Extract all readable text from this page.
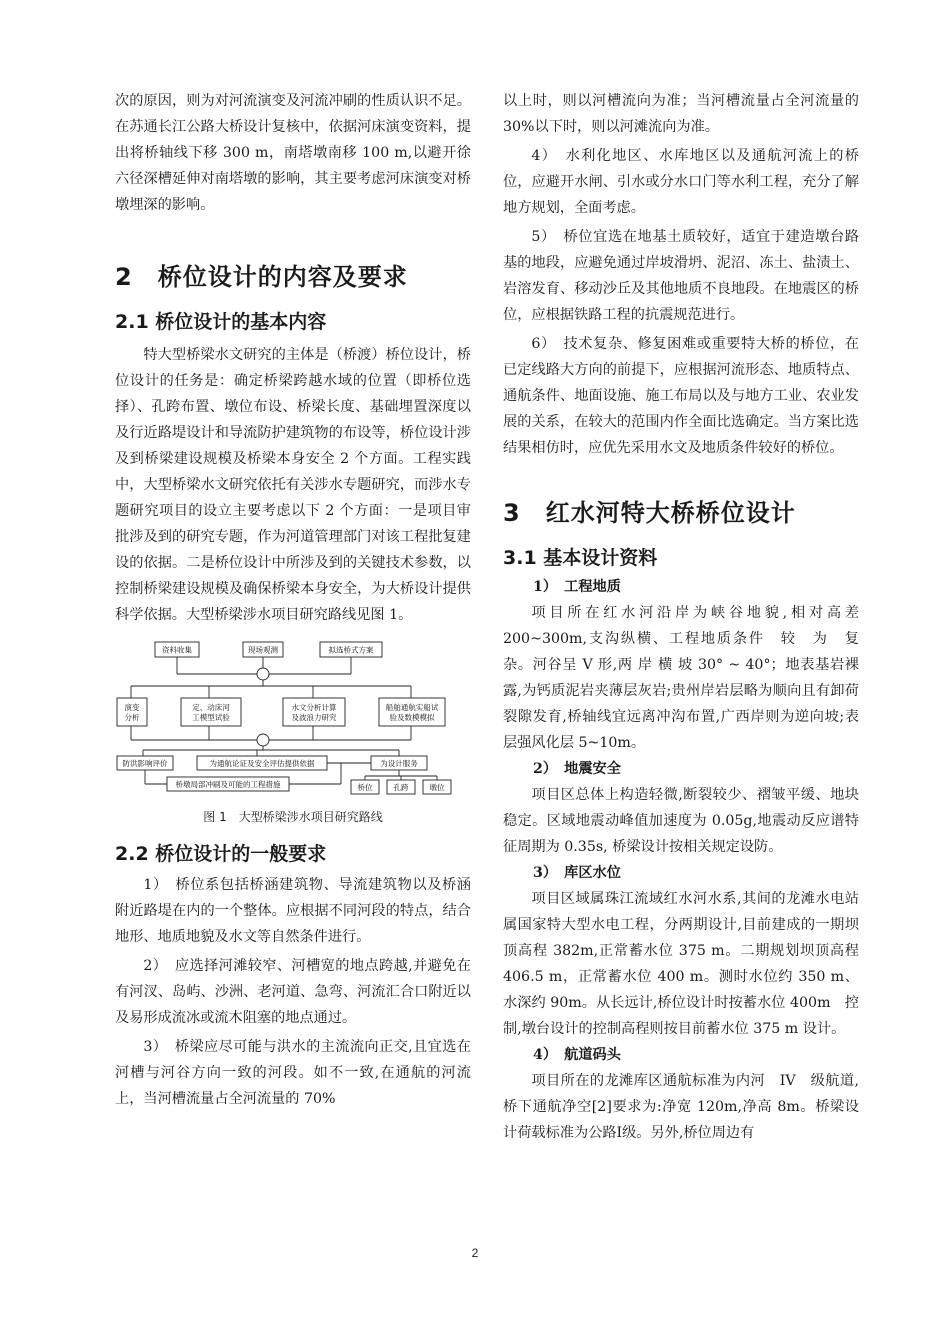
次的原因，则为对河流演变及河流冲刷的性质认识不足。在苏通长江公路大桥设计复核中，依据河床演变资料，提出将桥轴线下移 300 m，南塔墩南移 100 m,以避开徐六径深槽延伸对南塔墩的影响，其主要考虑河床演变对桥墩埋深的影响。

2　桥位设计的内容及要求
2.1 桥位设计的基本内容

特大型桥梁水文研究的主体是（桥渡）桥位设计，桥位设计的任务是：确定桥梁跨越水域的位置（即桥位选择）、孔跨布置、墩位布设、桥梁长度、基础埋置深度以及行近路堤设计和导流防护建筑物的布设等，桥位设计涉及到桥梁建设规模及桥梁本身安全 2 个方面。工程实践中，大型桥梁水文研究依托有关涉水专题研究，而涉水专题研究项目的设立主要考虑以下 2 个方面：一是项目审批涉及到的研究专题，作为河道管理部门对该工程批复建设的依据。二是桥位设计中所涉及到的关键技术参数，以控制桥梁建设规模及确保桥梁本身安全，为大桥设计提供科学依据。大型桥梁涉水项目研究路线见图 1。

资料收集	现场观测	拟选桥式方案
演变分析
定、动床河工模型试验
水文分析计算及波浪力研究
船舶通航实船试验及数模模拟
防洪影响评价	为通航论证及安全评估提供依据	为设计服务
桥墩局部冲刷及可能的工程措施	桥位	孔跨	墩位
图 1　大型桥梁涉水项目研究路线
2.2 桥位设计的一般要求

1）　桥位系包括桥涵建筑物、导流建筑物以及桥涵附近路堤在内的一个整体。应根据不同河段的特点，结合地形、地质地貌及水文等自然条件进行。

2）　应选择河滩较窄、河槽宽的地点跨越,并避免在有河汊、岛屿、沙洲、老河道、急弯、河流汇合口附近以及易形成流冰或流木阻塞的地点通过。

3）　桥梁应尽可能与洪水的主流流向正交,且宜选在河槽与河谷方向一致的河段。如不一致,在通航的河流上，当河槽流量占全河流量的 70%

以上时，则以河槽流向为准；当河槽流量占全河流量的 30%以下时，则以河滩流向为准。

4）　水利化地区、水库地区以及通航河流上的桥位，应避开水闸、引水或分水口门等水利工程，充分了解地方规划，全面考虑。

5）　桥位宜选在地基土质较好，适宜于建造墩台路基的地段，应避免通过岸坡滑坍、泥沼、冻土、盐渍土、岩溶发育、移动沙丘及其他地质不良地段。在地震区的桥位，应根据铁路工程的抗震规范进行。

6）　技术复杂、修复困难或重要特大桥的桥位，在已定线路大方向的前提下，应根据河流形态、地质特点、通航条件、地面设施、施工布局以及与地方工业、农业发展的关系，在较大的范围内作全面比选确定。当方案比选结果相仿时，应优先采用水文及地质条件较好的桥位。

3　红水河特大桥桥位设计
3.1 基本设计资料
1）　工程地质

项目所在红水河沿岸为峡谷地貌,相对高差 200~300m,支沟纵横、工程地质条件　较　为　复　杂。河谷呈 V 形,两 岸 横 坡 30° ~ 40°；地表基岩裸露,为钙质泥岩夹薄层灰岩;贵州岸岩层略为顺向且有卸荷裂隙发育,桥轴线宜远离冲沟布置,广西岸则为逆向坡;表　层强风化层 5~10m。

2）　地震安全

项目区总体上构造轻微,断裂较少、褶皱平缓、地块稳定。区域地震动峰值加速度为 0.05g,地震动反应谱特征周期为 0.35s, 桥梁设计按相关规定设防。

3）　库区水位

项目区域属珠江流域红水河水系,其间的龙滩水电站属国家特大型水电工程，分两期设计,目前建成的一期坝顶高程 382m,正常蓄水位 375 m。二期规划坝顶高程　406.5 m，正常蓄水位 400 m。测时水位约 350 m、水深约 90m。从长远计,桥位设计时按蓄水位 400m　控制,墩台设计的控制高程则按目前蓄水位 375 m 设计。

4）　航道码头

项目所在的龙滩库区通航标准为内河　IV　级航道,桥下通航净空[2]要求为:净宽 120m,净高 8m。桥梁设计荷载标准为公路Ⅰ级。另外,桥位周边有

2
